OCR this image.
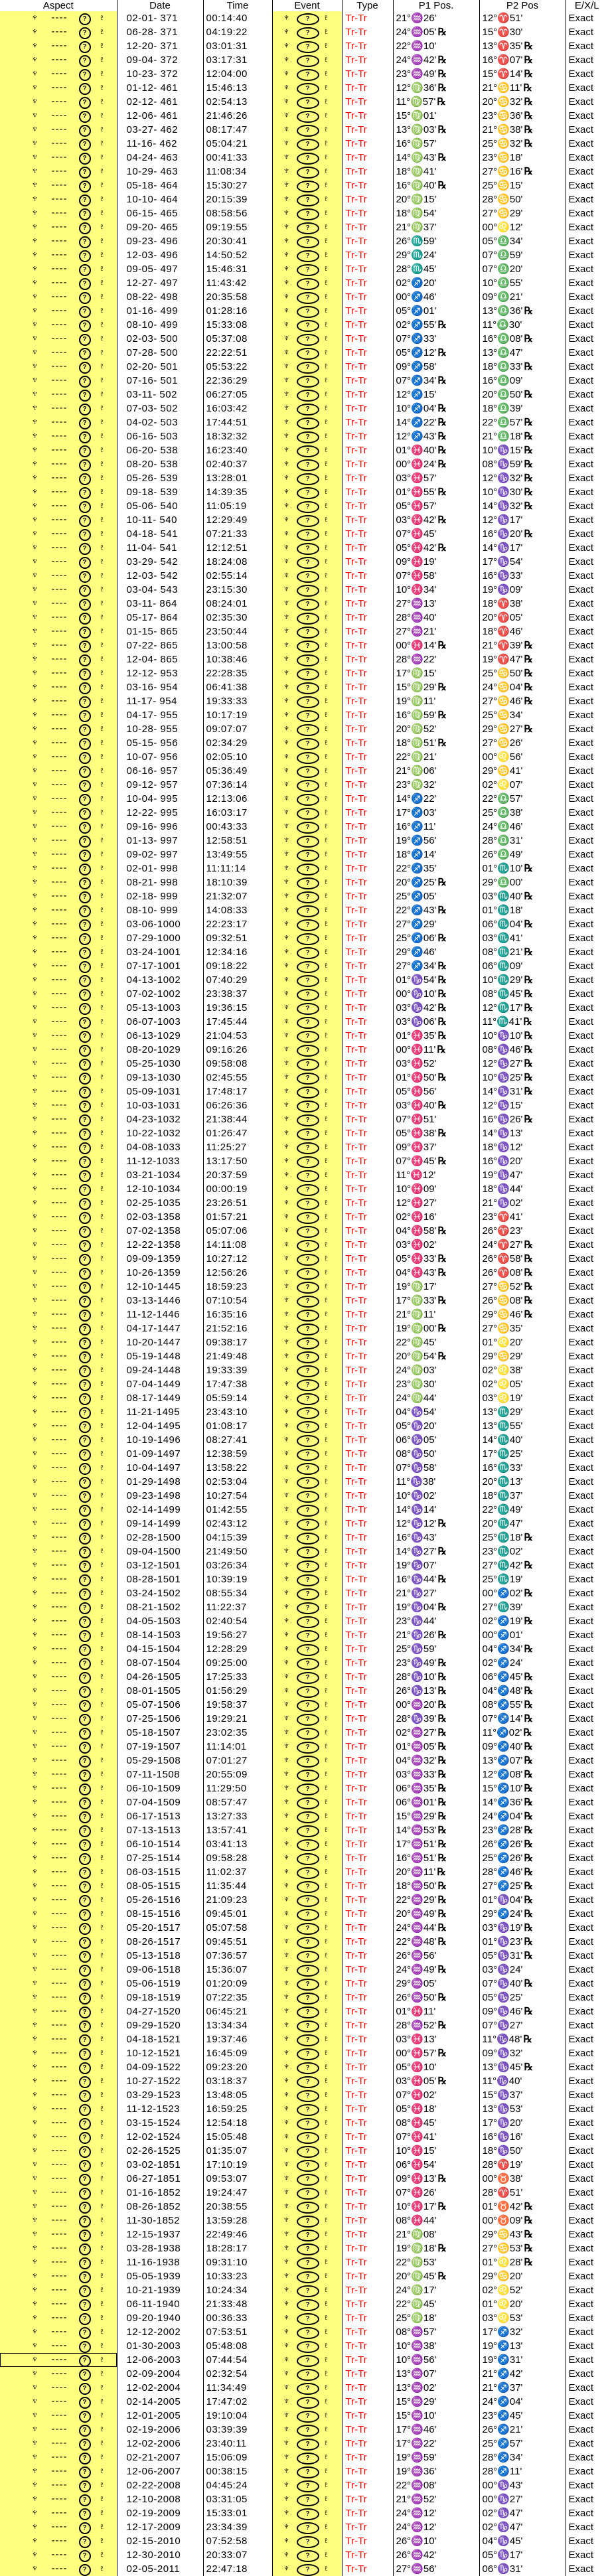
Aspect	Date	Time	Event	Type	P1 Pos.	P2 Pos	E/X/L
♆ ---- ? ♇	02-01- 371	00:14:40	♆ ? ♇	Tr-Tr	21°♒26'	12°♈51'	Exact
♆ ---- ? ♇	06-28- 371	04:19:22	♆ ? ♇	Tr-Tr	24°♒05' ℞	15°♈30'	Exact
♆ ---- ? ♇	12-20- 371	03:01:31	♆ ? ♇	Tr-Tr	22°♒10'	13°♈35' ℞	Exact
♆ ---- ? ♇	09-04- 372	03:17:31	♆ ? ♇	Tr-Tr	24°♒42' ℞	16°♈07' ℞	Exact
♆ ---- ? ♇	10-23- 372	12:04:00	♆ ? ♇	Tr-Tr	23°♒49' ℞	15°♈14' ℞	Exact
♆ ---- ? ♇	01-12- 461	15:46:13	♆ ? ♇	Tr-Tr	12°♍36' ℞	21°♋11' ℞	Exact
♆ ---- ? ♇	02-12- 461	02:54:13	♆ ? ♇	Tr-Tr	11°♍57' ℞	20°♋32' ℞	Exact
♆ ---- ? ♇	12-06- 461	21:46:26	♆ ? ♇	Tr-Tr	15°♍01'	23°♋36' ℞	Exact
♆ ---- ? ♇	03-27- 462	08:17:47	♆ ? ♇	Tr-Tr	13°♍03' ℞	21°♋38' ℞	Exact
♆ ---- ? ♇	11-16- 462	05:04:21	♆ ? ♇	Tr-Tr	16°♍57'	25°♋32' ℞	Exact
♆ ---- ? ♇	04-24- 463	00:41:33	♆ ? ♇	Tr-Tr	14°♍43' ℞	23°♋18'	Exact
♆ ---- ? ♇	10-29- 463	11:08:34	♆ ? ♇	Tr-Tr	18°♍41'	27°♋16' ℞	Exact
♆ ---- ? ♇	05-18- 464	15:30:27	♆ ? ♇	Tr-Tr	16°♍40' ℞	25°♋15'	Exact
♆ ---- ? ♇	10-10- 464	20:15:39	♆ ? ♇	Tr-Tr	20°♍15'	28°♋50'	Exact
♆ ---- ? ♇	06-15- 465	08:58:56	♆ ? ♇	Tr-Tr	18°♍54'	27°♋29'	Exact
♆ ---- ? ♇	09-20- 465	09:19:55	♆ ? ♇	Tr-Tr	21°♍37'	00°♌12'	Exact
♆ ---- ? ♇	09-23- 496	20:30:41	♆ ? ♇	Tr-Tr	26°♏59'	05°♎34'	Exact
♆ ---- ? ♇	12-03- 496	14:50:52	♆ ? ♇	Tr-Tr	29°♏24'	07°♎59'	Exact
♆ ---- ? ♇	09-05- 497	15:46:31	♆ ? ♇	Tr-Tr	28°♏45'	07°♎20'	Exact
♆ ---- ? ♇	12-27- 497	11:43:42	♆ ? ♇	Tr-Tr	02°♐20'	10°♎55'	Exact
♆ ---- ? ♇	08-22- 498	20:35:58	♆ ? ♇	Tr-Tr	00°♐46'	09°♎21'	Exact
♆ ---- ? ♇	01-16- 499	01:28:16	♆ ? ♇	Tr-Tr	05°♐01'	13°♎36' ℞	Exact
♆ ---- ? ♇	08-10- 499	15:33:08	♆ ? ♇	Tr-Tr	02°♐55' ℞	11°♎30'	Exact
♆ ---- ? ♇	02-03- 500	05:37:08	♆ ? ♇	Tr-Tr	07°♐33'	16°♎08' ℞	Exact
♆ ---- ? ♇	07-28- 500	22:22:51	♆ ? ♇	Tr-Tr	05°♐12' ℞	13°♎47'	Exact
♆ ---- ? ♇	02-20- 501	05:53:22	♆ ? ♇	Tr-Tr	09°♐58'	18°♎33' ℞	Exact
♆ ---- ? ♇	07-16- 501	22:36:29	♆ ? ♇	Tr-Tr	07°♐34' ℞	16°♎09'	Exact
♆ ---- ? ♇	03-11- 502	06:27:05	♆ ? ♇	Tr-Tr	12°♐15'	20°♎50' ℞	Exact
♆ ---- ? ♇	07-03- 502	16:03:42	♆ ? ♇	Tr-Tr	10°♐04' ℞	18°♎39'	Exact
♆ ---- ? ♇	04-02- 503	17:44:51	♆ ? ♇	Tr-Tr	14°♐22' ℞	22°♎57' ℞	Exact
♆ ---- ? ♇	06-16- 503	18:32:32	♆ ? ♇	Tr-Tr	12°♐43' ℞	21°♎18' ℞	Exact
♆ ---- ? ♇	06-20- 538	16:23:40	♆ ? ♇	Tr-Tr	01°♓40' ℞	10°♑15' ℞	Exact
♆ ---- ? ♇	08-20- 538	02:40:37	♆ ? ♇	Tr-Tr	00°♓24' ℞	08°♑59' ℞	Exact
♆ ---- ? ♇	05-26- 539	13:28:01	♆ ? ♇	Tr-Tr	03°♓57'	12°♑32' ℞	Exact
♆ ---- ? ♇	09-18- 539	14:39:35	♆ ? ♇	Tr-Tr	01°♓55' ℞	10°♑30' ℞	Exact
♆ ---- ? ♇	05-06- 540	11:05:19	♆ ? ♇	Tr-Tr	05°♓57'	14°♑32' ℞	Exact
♆ ---- ? ♇	10-11- 540	12:29:49	♆ ? ♇	Tr-Tr	03°♓42' ℞	12°♑17'	Exact
♆ ---- ? ♇	04-18- 541	07:21:33	♆ ? ♇	Tr-Tr	07°♓45'	16°♑20' ℞	Exact
♆ ---- ? ♇	11-04- 541	12:12:51	♆ ? ♇	Tr-Tr	05°♓42' ℞	14°♑17'	Exact
♆ ---- ? ♇	03-29- 542	18:24:08	♆ ? ♇	Tr-Tr	09°♓19'	17°♑54'	Exact
♆ ---- ? ♇	12-03- 542	02:55:14	♆ ? ♇	Tr-Tr	07°♓58'	16°♑33'	Exact
♆ ---- ? ♇	03-04- 543	23:15:30	♆ ? ♇	Tr-Tr	10°♓34'	19°♑09'	Exact
♆ ---- ? ♇	03-11- 864	08:24:01	♆ ? ♇	Tr-Tr	27°♒13'	18°♈38'	Exact
♆ ---- ? ♇	05-17- 864	02:35:30	♆ ? ♇	Tr-Tr	28°♒40'	20°♈05'	Exact
♆ ---- ? ♇	01-15- 865	23:50:44	♆ ? ♇	Tr-Tr	27°♒21'	18°♈46'	Exact
♆ ---- ? ♇	07-22- 865	13:00:58	♆ ? ♇	Tr-Tr	00°♓14' ℞	21°♈39' ℞	Exact
♆ ---- ? ♇	12-04- 865	10:38:46	♆ ? ♇	Tr-Tr	28°♒22'	19°♈47' ℞	Exact
♆ ---- ? ♇	12-12- 953	22:28:35	♆ ? ♇	Tr-Tr	17°♍15'	25°♋50' ℞	Exact
♆ ---- ? ♇	03-16- 954	06:41:38	♆ ? ♇	Tr-Tr	15°♍29' ℞	24°♋04' ℞	Exact
♆ ---- ? ♇	11-17- 954	19:33:33	♆ ? ♇	Tr-Tr	19°♍11'	27°♋46' ℞	Exact
♆ ---- ? ♇	04-17- 955	10:17:19	♆ ? ♇	Tr-Tr	16°♍59' ℞	25°♋34'	Exact
♆ ---- ? ♇	10-28- 955	09:07:07	♆ ? ♇	Tr-Tr	20°♍52'	29°♋27' ℞	Exact
♆ ---- ? ♇	05-15- 956	02:34:29	♆ ? ♇	Tr-Tr	18°♍51' ℞	27°♋26'	Exact
♆ ---- ? ♇	10-07- 956	02:05:10	♆ ? ♇	Tr-Tr	22°♍21'	00°♌56'	Exact
♆ ---- ? ♇	06-16- 957	05:36:49	♆ ? ♇	Tr-Tr	21°♍06'	29°♋41'	Exact
♆ ---- ? ♇	09-12- 957	07:36:14	♆ ? ♇	Tr-Tr	23°♍32'	02°♌07'	Exact
♆ ---- ? ♇	10-04- 995	12:13:06	♆ ? ♇	Tr-Tr	14°♐22'	22°♎57'	Exact
♆ ---- ? ♇	12-22- 995	16:03:17	♆ ? ♇	Tr-Tr	17°♐03'	25°♎38'	Exact
♆ ---- ? ♇	09-16- 996	00:43:33	♆ ? ♇	Tr-Tr	16°♐11'	24°♎46'	Exact
♆ ---- ? ♇	01-13- 997	12:58:51	♆ ? ♇	Tr-Tr	19°♐56'	28°♎31'	Exact
♆ ---- ? ♇	09-02- 997	13:49:55	♆ ? ♇	Tr-Tr	18°♐14'	26°♎49'	Exact
♆ ---- ? ♇	02-01- 998	11:11:14	♆ ? ♇	Tr-Tr	22°♐35'	01°♏10' ℞	Exact
♆ ---- ? ♇	08-21- 998	18:10:39	♆ ? ♇	Tr-Tr	20°♐25' ℞	29°♎00'	Exact
♆ ---- ? ♇	02-18- 999	21:32:07	♆ ? ♇	Tr-Tr	25°♐05'	03°♏40' ℞	Exact
♆ ---- ? ♇	08-10- 999	14:08:33	♆ ? ♇	Tr-Tr	22°♐43' ℞	01°♏18'	Exact
♆ ---- ? ♇	03-06-1000	22:23:17	♆ ? ♇	Tr-Tr	27°♐29'	06°♏04' ℞	Exact
♆ ---- ? ♇	07-29-1000	09:32:51	♆ ? ♇	Tr-Tr	25°♐06' ℞	03°♏41'	Exact
♆ ---- ? ♇	03-24-1001	12:34:16	♆ ? ♇	Tr-Tr	29°♐46'	08°♏21' ℞	Exact
♆ ---- ? ♇	07-17-1001	09:18:22	♆ ? ♇	Tr-Tr	27°♐34' ℞	06°♏09'	Exact
♆ ---- ? ♇	04-13-1002	07:40:29	♆ ? ♇	Tr-Tr	01°♑54' ℞	10°♏29' ℞	Exact
♆ ---- ? ♇	07-02-1002	23:38:37	♆ ? ♇	Tr-Tr	00°♑10' ℞	08°♏45' ℞	Exact
♆ ---- ? ♇	05-13-1003	19:36:15	♆ ? ♇	Tr-Tr	03°♑42' ℞	12°♏17' ℞	Exact
♆ ---- ? ♇	06-07-1003	17:45:44	♆ ? ♇	Tr-Tr	03°♑06' ℞	11°♏41' ℞	Exact
♆ ---- ? ♇	06-13-1029	21:04:53	♆ ? ♇	Tr-Tr	01°♓35' ℞	10°♑10' ℞	Exact
♆ ---- ? ♇	08-20-1029	09:16:26	♆ ? ♇	Tr-Tr	00°♓11' ℞	08°♑46' ℞	Exact
♆ ---- ? ♇	05-25-1030	09:58:08	♆ ? ♇	Tr-Tr	03°♓52'	12°♑27' ℞	Exact
♆ ---- ? ♇	09-13-1030	02:45:55	♆ ? ♇	Tr-Tr	01°♓50' ℞	10°♑25' ℞	Exact
♆ ---- ? ♇	05-09-1031	17:48:17	♆ ? ♇	Tr-Tr	05°♓56'	14°♑31' ℞	Exact
♆ ---- ? ♇	10-03-1031	06:26:36	♆ ? ♇	Tr-Tr	03°♓40' ℞	12°♑15'	Exact
♆ ---- ? ♇	04-23-1032	21:38:44	♆ ? ♇	Tr-Tr	07°♓51'	16°♑26' ℞	Exact
♆ ---- ? ♇	10-22-1032	01:26:47	♆ ? ♇	Tr-Tr	05°♓38' ℞	14°♑13'	Exact
♆ ---- ? ♇	04-08-1033	11:25:27	♆ ? ♇	Tr-Tr	09°♓37'	18°♑12'	Exact
♆ ---- ? ♇	11-12-1033	13:17:50	♆ ? ♇	Tr-Tr	07°♓45' ℞	16°♑20'	Exact
♆ ---- ? ♇	03-21-1034	20:37:59	♆ ? ♇	Tr-Tr	11°♓12'	19°♑47'	Exact
♆ ---- ? ♇	12-10-1034	00:00:19	♆ ? ♇	Tr-Tr	10°♓09'	18°♑44'	Exact
♆ ---- ? ♇	02-25-1035	23:26:51	♆ ? ♇	Tr-Tr	12°♓27'	21°♑02'	Exact
♆ ---- ? ♇	02-03-1358	01:57:21	♆ ? ♇	Tr-Tr	02°♓16'	23°♈41'	Exact
♆ ---- ? ♇	07-02-1358	05:07:06	♆ ? ♇	Tr-Tr	04°♓58' ℞	26°♈23'	Exact
♆ ---- ? ♇	12-22-1358	14:11:08	♆ ? ♇	Tr-Tr	03°♓02'	24°♈27' ℞	Exact
♆ ---- ? ♇	09-09-1359	10:27:12	♆ ? ♇	Tr-Tr	05°♓33' ℞	26°♈58' ℞	Exact
♆ ---- ? ♇	10-26-1359	12:56:26	♆ ? ♇	Tr-Tr	04°♓43' ℞	26°♈08' ℞	Exact
♆ ---- ? ♇	12-10-1445	18:59:23	♆ ? ♇	Tr-Tr	19°♍17'	27°♋52' ℞	Exact
♆ ---- ? ♇	03-13-1446	07:10:54	♆ ? ♇	Tr-Tr	17°♍33' ℞	26°♋08' ℞	Exact
♆ ---- ? ♇	11-12-1446	16:35:16	♆ ? ♇	Tr-Tr	21°♍11'	29°♋46' ℞	Exact
♆ ---- ? ♇	04-17-1447	21:52:16	♆ ? ♇	Tr-Tr	19°♍00' ℞	27°♋35'	Exact
♆ ---- ? ♇	10-20-1447	09:38:17	♆ ? ♇	Tr-Tr	22°♍45'	01°♌20'	Exact
♆ ---- ? ♇	05-19-1448	21:49:48	♆ ? ♇	Tr-Tr	20°♍54' ℞	29°♋29'	Exact
♆ ---- ? ♇	09-24-1448	19:33:39	♆ ? ♇	Tr-Tr	24°♍03'	02°♌38'	Exact
♆ ---- ? ♇	07-04-1449	17:47:38	♆ ? ♇	Tr-Tr	23°♍30'	02°♌05'	Exact
♆ ---- ? ♇	08-17-1449	05:59:14	♆ ? ♇	Tr-Tr	24°♍44'	03°♌19'	Exact
♆ ---- ? ♇	11-21-1495	23:43:10	♆ ? ♇	Tr-Tr	04°♑54'	13°♏29'	Exact
♆ ---- ? ♇	12-04-1495	01:08:17	♆ ? ♇	Tr-Tr	05°♑20'	13°♏55'	Exact
♆ ---- ? ♇	10-19-1496	08:27:41	♆ ? ♇	Tr-Tr	06°♑05'	14°♏40'	Exact
♆ ---- ? ♇	01-09-1497	12:38:59	♆ ? ♇	Tr-Tr	08°♑50'	17°♏25'	Exact
♆ ---- ? ♇	10-04-1497	13:58:22	♆ ? ♇	Tr-Tr	07°♑58'	16°♏33'	Exact
♆ ---- ? ♇	01-29-1498	02:53:04	♆ ? ♇	Tr-Tr	11°♑38'	20°♏13'	Exact
♆ ---- ? ♇	09-23-1498	10:27:54	♆ ? ♇	Tr-Tr	10°♑02'	18°♏37'	Exact
♆ ---- ? ♇	02-14-1499	01:42:55	♆ ? ♇	Tr-Tr	14°♑14'	22°♏49'	Exact
♆ ---- ? ♇	09-14-1499	02:43:12	♆ ? ♇	Tr-Tr	12°♑12' ℞	20°♏47'	Exact
♆ ---- ? ♇	02-28-1500	04:15:39	♆ ? ♇	Tr-Tr	16°♑43'	25°♏18' ℞	Exact
♆ ---- ? ♇	09-04-1500	21:49:50	♆ ? ♇	Tr-Tr	14°♑27' ℞	23°♏02'	Exact
♆ ---- ? ♇	03-12-1501	03:26:34	♆ ? ♇	Tr-Tr	19°♑07'	27°♏42' ℞	Exact
♆ ---- ? ♇	08-28-1501	10:39:19	♆ ? ♇	Tr-Tr	16°♑44' ℞	25°♏19'	Exact
♆ ---- ? ♇	03-24-1502	08:55:34	♆ ? ♇	Tr-Tr	21°♑27'	00°♐02' ℞	Exact
♆ ---- ? ♇	08-21-1502	11:22:37	♆ ? ♇	Tr-Tr	19°♑04' ℞	27°♏39'	Exact
♆ ---- ? ♇	04-05-1503	02:40:54	♆ ? ♇	Tr-Tr	23°♑44'	02°♐19' ℞	Exact
♆ ---- ? ♇	08-14-1503	19:56:27	♆ ? ♇	Tr-Tr	21°♑26' ℞	00°♐01'	Exact
♆ ---- ? ♇	04-15-1504	12:28:29	♆ ? ♇	Tr-Tr	25°♑59'	04°♐34' ℞	Exact
♆ ---- ? ♇	08-07-1504	09:25:00	♆ ? ♇	Tr-Tr	23°♑49' ℞	02°♐24'	Exact
♆ ---- ? ♇	04-26-1505	17:25:33	♆ ? ♇	Tr-Tr	28°♑10' ℞	06°♐45' ℞	Exact
♆ ---- ? ♇	08-01-1505	01:56:29	♆ ? ♇	Tr-Tr	26°♑13' ℞	04°♐48' ℞	Exact
♆ ---- ? ♇	05-07-1506	19:58:37	♆ ? ♇	Tr-Tr	00°♒20' ℞	08°♐55' ℞	Exact
♆ ---- ? ♇	07-25-1506	19:29:21	♆ ? ♇	Tr-Tr	28°♑39' ℞	07°♐14' ℞	Exact
♆ ---- ? ♇	05-18-1507	23:02:35	♆ ? ♇	Tr-Tr	02°♒27' ℞	11°♐02' ℞	Exact
♆ ---- ? ♇	07-19-1507	11:14:01	♆ ? ♇	Tr-Tr	01°♒05' ℞	09°♐40' ℞	Exact
♆ ---- ? ♇	05-29-1508	07:01:27	♆ ? ♇	Tr-Tr	04°♒32' ℞	13°♐07' ℞	Exact
♆ ---- ? ♇	07-11-1508	20:55:09	♆ ? ♇	Tr-Tr	03°♒33' ℞	12°♐08' ℞	Exact
♆ ---- ? ♇	06-10-1509	11:29:50	♆ ? ♇	Tr-Tr	06°♒35' ℞	15°♐10' ℞	Exact
♆ ---- ? ♇	07-04-1509	08:57:47	♆ ? ♇	Tr-Tr	06°♒01' ℞	14°♐36' ℞	Exact
♆ ---- ? ♇	06-17-1513	13:27:33	♆ ? ♇	Tr-Tr	15°♒29' ℞	24°♐04' ℞	Exact
♆ ---- ? ♇	07-13-1513	13:57:41	♆ ? ♇	Tr-Tr	14°♒53' ℞	23°♐28' ℞	Exact
♆ ---- ? ♇	06-10-1514	03:41:13	♆ ? ♇	Tr-Tr	17°♒51' ℞	26°♐26' ℞	Exact
♆ ---- ? ♇	07-25-1514	09:58:28	♆ ? ♇	Tr-Tr	16°♒51' ℞	25°♐26' ℞	Exact
♆ ---- ? ♇	06-03-1515	11:02:37	♆ ? ♇	Tr-Tr	20°♒11' ℞	28°♐46' ℞	Exact
♆ ---- ? ♇	08-05-1515	11:35:44	♆ ? ♇	Tr-Tr	18°♒50' ℞	27°♐25' ℞	Exact
♆ ---- ? ♇	05-26-1516	21:09:23	♆ ? ♇	Tr-Tr	22°♒29' ℞	01°♑04' ℞	Exact
♆ ---- ? ♇	08-15-1516	09:45:01	♆ ? ♇	Tr-Tr	20°♒49' ℞	29°♐24' ℞	Exact
♆ ---- ? ♇	05-20-1517	05:07:58	♆ ? ♇	Tr-Tr	24°♒44' ℞	03°♑19' ℞	Exact
♆ ---- ? ♇	08-26-1517	09:45:51	♆ ? ♇	Tr-Tr	22°♒48' ℞	01°♑23' ℞	Exact
♆ ---- ? ♇	05-13-1518	07:36:57	♆ ? ♇	Tr-Tr	26°♒56'	05°♑31' ℞	Exact
♆ ---- ? ♇	09-06-1518	15:36:07	♆ ? ♇	Tr-Tr	24°♒49' ℞	03°♑24'	Exact
♆ ---- ? ♇	05-06-1519	01:20:09	♆ ? ♇	Tr-Tr	29°♒05'	07°♑40' ℞	Exact
♆ ---- ? ♇	09-18-1519	07:22:35	♆ ? ♇	Tr-Tr	26°♒50' ℞	05°♑25'	Exact
♆ ---- ? ♇	04-27-1520	06:45:21	♆ ? ♇	Tr-Tr	01°♓11'	09°♑46' ℞	Exact
♆ ---- ? ♇	09-29-1520	13:34:34	♆ ? ♇	Tr-Tr	28°♒52' ℞	07°♑27'	Exact
♆ ---- ? ♇	04-18-1521	19:37:46	♆ ? ♇	Tr-Tr	03°♓13'	11°♑48' ℞	Exact
♆ ---- ? ♇	10-12-1521	16:45:09	♆ ? ♇	Tr-Tr	00°♓57' ℞	09°♑32'	Exact
♆ ---- ? ♇	04-09-1522	09:23:20	♆ ? ♇	Tr-Tr	05°♓10'	13°♑45' ℞	Exact
♆ ---- ? ♇	10-27-1522	03:18:37	♆ ? ♇	Tr-Tr	03°♓05' ℞	11°♑40'	Exact
♆ ---- ? ♇	03-29-1523	13:48:05	♆ ? ♇	Tr-Tr	07°♓02'	15°♑37'	Exact
♆ ---- ? ♇	11-12-1523	16:59:25	♆ ? ♇	Tr-Tr	05°♓18'	13°♑53'	Exact
♆ ---- ? ♇	03-15-1524	12:54:18	♆ ? ♇	Tr-Tr	08°♓45'	17°♑20'	Exact
♆ ---- ? ♇	12-02-1524	15:05:48	♆ ? ♇	Tr-Tr	07°♓41'	16°♑16'	Exact
♆ ---- ? ♇	02-26-1525	01:35:07	♆ ? ♇	Tr-Tr	10°♓15'	18°♑50'	Exact
♆ ---- ? ♇	03-02-1851	17:10:19	♆ ? ♇	Tr-Tr	06°♓54'	28°♈19'	Exact
♆ ---- ? ♇	06-27-1851	09:53:07	♆ ? ♇	Tr-Tr	09°♓13' ℞	00°♉38'	Exact
♆ ---- ? ♇	01-16-1852	19:24:47	♆ ? ♇	Tr-Tr	07°♓26'	28°♈51'	Exact
♆ ---- ? ♇	08-26-1852	20:38:55	♆ ? ♇	Tr-Tr	10°♓17' ℞	01°♉42' ℞	Exact
♆ ---- ? ♇	11-30-1852	13:59:28	♆ ? ♇	Tr-Tr	08°♓44'	00°♉09' ℞	Exact
♆ ---- ? ♇	12-15-1937	22:49:46	♆ ? ♇	Tr-Tr	21°♍08'	29°♋43' ℞	Exact
♆ ---- ? ♇	03-28-1938	18:28:17	♆ ? ♇	Tr-Tr	19°♍18' ℞	27°♋53' ℞	Exact
♆ ---- ? ♇	11-16-1938	09:31:10	♆ ? ♇	Tr-Tr	22°♍53'	01°♌28' ℞	Exact
♆ ---- ? ♇	05-05-1939	10:33:23	♆ ? ♇	Tr-Tr	20°♍45' ℞	29°♋20'	Exact
♆ ---- ? ♇	10-21-1939	10:24:34	♆ ? ♇	Tr-Tr	24°♍17'	02°♌52'	Exact
♆ ---- ? ♇	06-11-1940	21:33:48	♆ ? ♇	Tr-Tr	22°♍45'	01°♌20'	Exact
♆ ---- ? ♇	09-20-1940	00:36:33	♆ ? ♇	Tr-Tr	25°♍18'	03°♌53'	Exact
♆ ---- ? ♇	12-12-2002	07:53:51	♆ ? ♇	Tr-Tr	08°♒57'	17°♐32'	Exact
♆ ---- ? ♇	01-30-2003	05:48:08	♆ ? ♇	Tr-Tr	10°♒38'	19°♐13'	Exact
♆ ---- ? ♇	12-06-2003	07:44:54	♆ ? ♇	Tr-Tr	10°♒56'	19°♐31'	Exact
♆ ---- ? ♇	02-09-2004	02:32:54	♆ ? ♇	Tr-Tr	13°♒07'	21°♐42'	Exact
♆ ---- ? ♇	12-02-2004	11:34:49	♆ ? ♇	Tr-Tr	13°♒02'	21°♐37'	Exact
♆ ---- ? ♇	02-14-2005	17:47:02	♆ ? ♇	Tr-Tr	15°♒29'	24°♐04'	Exact
♆ ---- ? ♇	12-01-2005	19:10:04	♆ ? ♇	Tr-Tr	15°♒10'	23°♐45'	Exact
♆ ---- ? ♇	02-19-2006	03:39:39	♆ ? ♇	Tr-Tr	17°♒46'	26°♐21'	Exact
♆ ---- ? ♇	12-02-2006	23:40:11	♆ ? ♇	Tr-Tr	17°♒22'	25°♐57'	Exact
♆ ---- ? ♇	02-21-2007	15:06:09	♆ ? ♇	Tr-Tr	19°♒59'	28°♐34'	Exact
♆ ---- ? ♇	12-06-2007	00:38:15	♆ ? ♇	Tr-Tr	19°♒36'	28°♐11'	Exact
♆ ---- ? ♇	02-22-2008	04:45:24	♆ ? ♇	Tr-Tr	22°♒08'	00°♑43'	Exact
♆ ---- ? ♇	12-10-2008	03:31:05	♆ ? ♇	Tr-Tr	21°♒52'	00°♑27'	Exact
♆ ---- ? ♇	02-19-2009	15:33:01	♆ ? ♇	Tr-Tr	24°♒12'	02°♑47'	Exact
♆ ---- ? ♇	12-17-2009	23:34:39	♆ ? ♇	Tr-Tr	24°♒12'	02°♑47'	Exact
♆ ---- ? ♇	02-15-2010	07:52:58	♆ ? ♇	Tr-Tr	26°♒10'	04°♑45'	Exact
♆ ---- ? ♇	12-30-2010	20:33:07	♆ ? ♇	Tr-Tr	26°♒42'	05°♑17'	Exact
♆ ---- ? ♇	02-05-2011	22:47:18	♆ ? ♇	Tr-Tr	27°♒56'	06°♑31'	Exact
